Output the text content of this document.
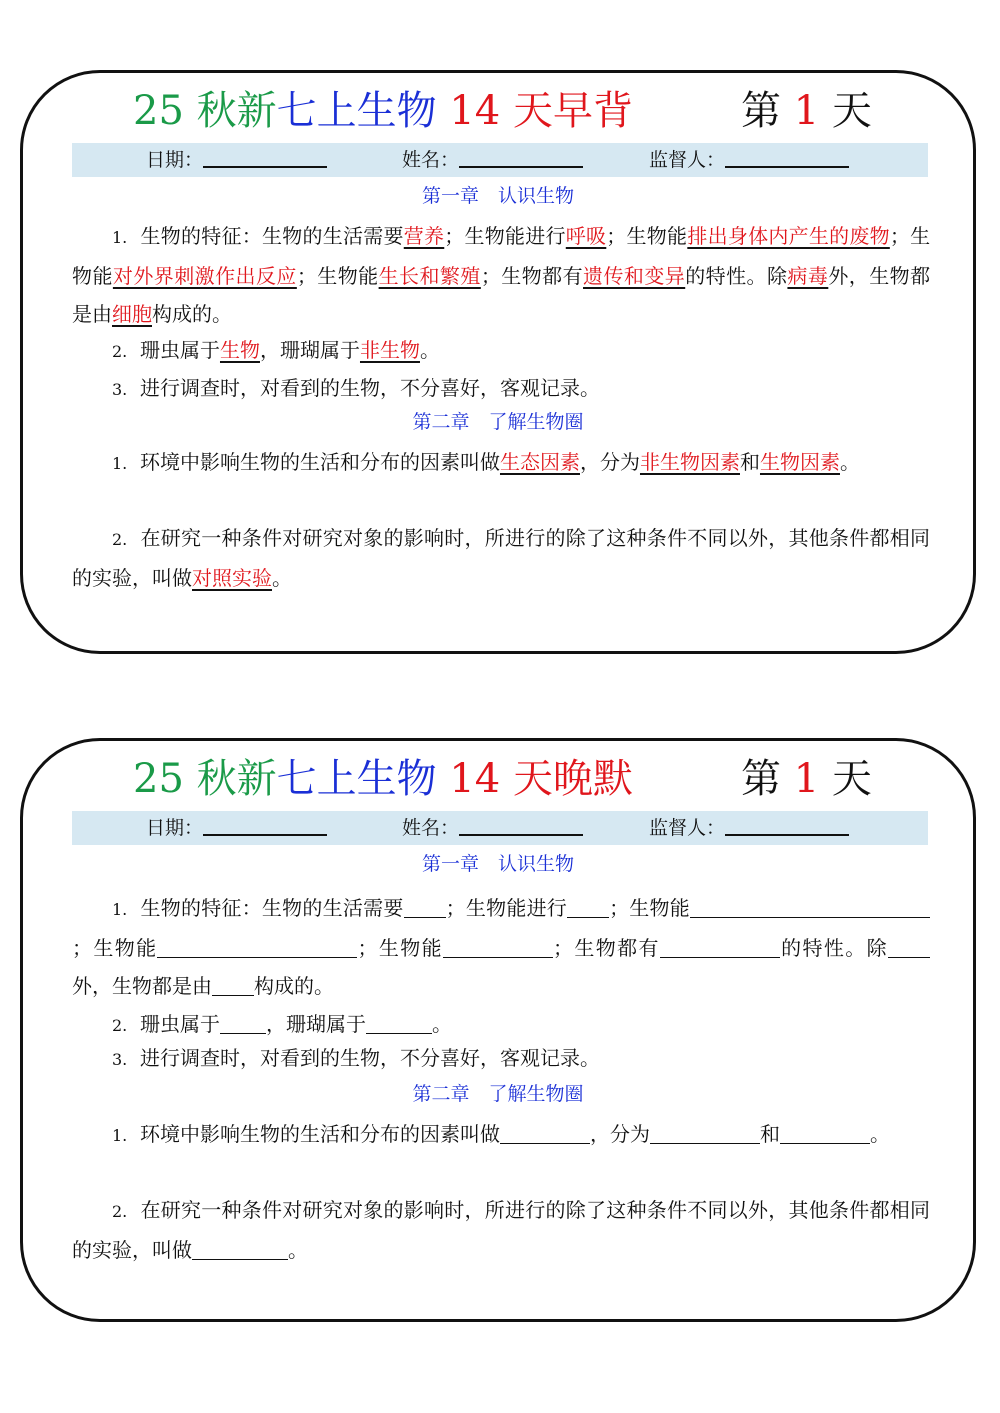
25 秋新七上生物 14 天早背	第 1 天
日期：	姓名：	监督人：
第一章　认识生物
1. 生物的特征：生物的生活需要营养；生物能进行呼吸；生物能排出身体内产生的废物；生物能对外界刺激作出反应；生物能生长和繁殖；生物都有遗传和变异的特性。除病毒外，生物都是由细胞构成的。
2. 珊虫属于生物，珊瑚属于非生物。
3. 进行调查时，对看到的生物，不分喜好，客观记录。
第二章　了解生物圈
1. 环境中影响生物的生活和分布的因素叫做生态因素，分为非生物因素和生物因素。
2. 在研究一种条件对研究对象的影响时，所进行的除了这种条件不同以外，其他条件都相同的实验，叫做对照实验。
25 秋新七上生物 14 天晚默	第 1 天
日期：	姓名：	监督人：
第一章　认识生物
1. 生物的特征：生物的生活需要 ；生物能进行 ；生物能；生物能	；生物能	；生物都有	的特性。除外，生物都是由 构成的。
2. 珊虫属于 ，珊瑚属于	。
3. 进行调查时，对看到的生物，不分喜好，客观记录。
第二章　了解生物圈
1. 环境中影响生物的生活和分布的因素叫做	，分为	和	。
2. 在研究一种条件对研究对象的影响时，所进行的除了这种条件不同以外，其他条件都相同的实验，叫做	。
